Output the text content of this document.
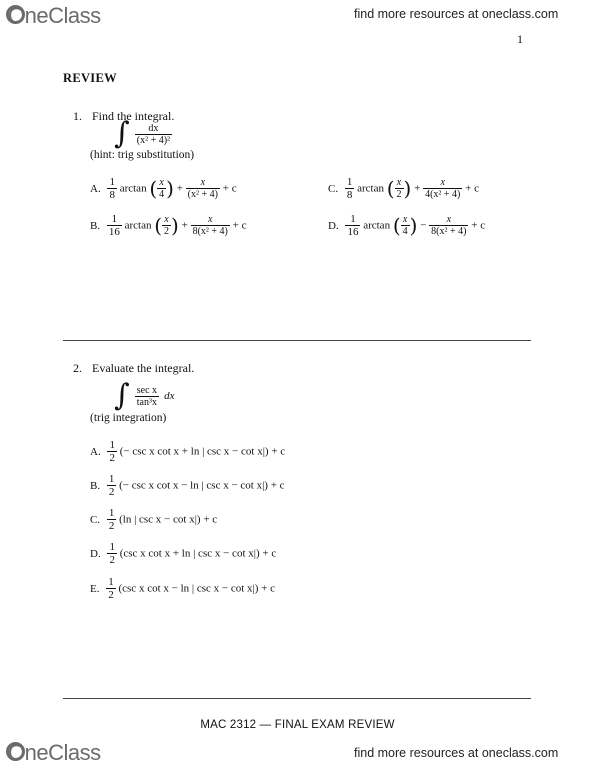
OneClass	find more resources at oneclass.com
1
REVIEW
1. Find the integral.
∫ $\frac{dx}{\text{(x² + 4)²}}$
(hint: trig substitution)
A. $\frac{1}{8}$ arctan ( $\frac{x}{4}$ ) + $\frac{x}{\text{(x² + 4)}} + c$
B. $\frac{1}{16}$ arctan ( $\frac{x}{2}$ ) + $\frac{x}{\text{8(x² + 4)}} + c$
C. $\frac{1}{8}$ arctan ( $\frac{x}{2}$ ) + $\frac{x}{\text{4(x² + 4)}} + c$
D. $\frac{1}{16}$ arctan ( $\frac{x}{4}$ ) − $\frac{x}{\text{8(x² + 4)}} + c$
2. Evaluate the integral.
∫ $\frac{\text{sec x}}{\text{tan³x}}$ dx
(trig integration)
A. $\frac{1}{2}$ (− csc x cot x + ln | csc x − cot x|) + c
B. $\frac{1}{2}$ (− csc x cot x − ln | csc x − cot x|) + c
C. $\frac{1}{2} (\ln$ | csc x − cot x|) + c
D. $\frac{1}{2} (\csc$ x cot x + ln | csc x − cot x|) + c
E. $\frac{1}{2} (\csc$ x cot x − ln | csc x − cot x|) + c
MAC 2312 — FINAL EXAM REVIEW
OneClass	find more resources at oneclass.com
